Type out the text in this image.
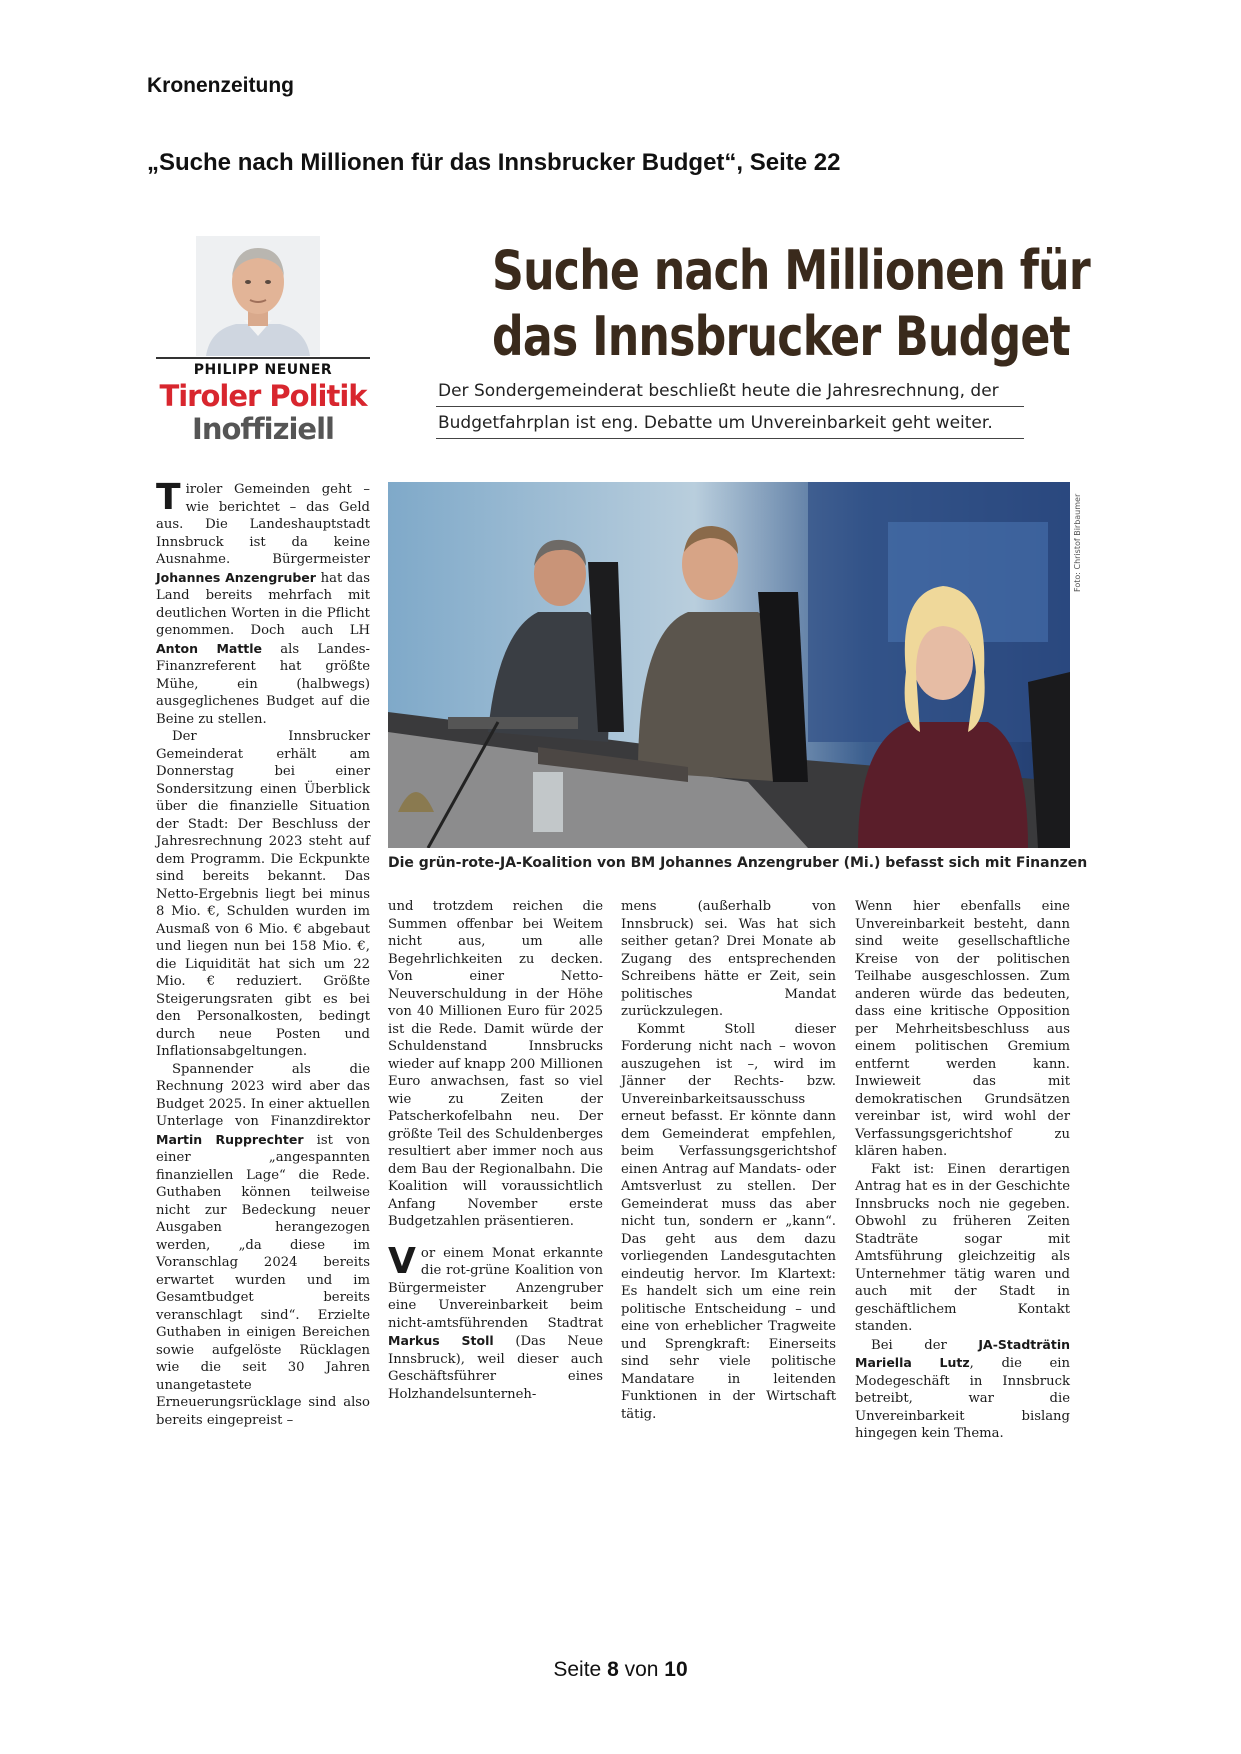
Kronenzeitung
„Suche nach Millionen für das Innsbrucker Budget“, Seite 22
PHILIPP NEUNER
Tiroler Politik
Inoffiziell
Suche nach Millionen für
das Innsbrucker Budget
Der Sondergemeinderat beschließt heute die Jahresrechnung, der
Budgetfahrplan ist eng. Debatte um Unvereinbarkeit geht weiter.
Foto: Christof Birbaumer
Die grün-rote-JA-Koalition von BM Johannes Anzengruber (Mi.) befasst sich mit Finanzen

Tiroler Gemeinden geht – wie berichtet – das Geld aus. Die Landeshauptstadt Innsbruck ist da keine Ausnahme. Bürgermeister Johannes Anzengruber hat das Land bereits mehrfach mit deutlichen Worten in die Pflicht genommen. Doch auch LH Anton Mattle als Landes-Finanzreferent hat größte Mühe, ein (halbwegs) ausgeglichenes Budget auf die Beine zu stellen.

Der Innsbrucker Gemeinderat erhält am Donnerstag bei einer Sondersitzung einen Überblick über die finanzielle Situation der Stadt: Der Beschluss der Jahresrechnung 2023 steht auf dem Programm. Die Eckpunkte sind bereits bekannt. Das Netto-Ergebnis liegt bei minus 8 Mio. €, Schulden wurden im Ausmaß von 6 Mio. € abgebaut und liegen nun bei 158 Mio. €, die Liquidität hat sich um 22 Mio. € reduziert. Größte Steigerungsraten gibt es bei den Personalkosten, bedingt durch neue Posten und Inflationsabgeltungen.

Spannender als die Rechnung 2023 wird aber das Budget 2025. In einer aktuellen Unterlage von Finanzdirektor Martin Rupprechter ist von einer „angespannten finanziellen Lage“ die Rede. Guthaben können teilweise nicht zur Bedeckung neuer Ausgaben herangezogen werden, „da diese im Voranschlag 2024 bereits erwartet wurden und im Gesamtbudget bereits veranschlagt sind“. Erzielte Guthaben in einigen Bereichen sowie aufgelöste Rücklagen wie die seit 30 Jahren unangetastete Erneuerungsrücklage sind also bereits eingepreist –

und trotzdem reichen die Summen offenbar bei Weitem nicht aus, um alle Begehrlichkeiten zu decken. Von einer Netto-Neuverschuldung in der Höhe von 40 Millionen Euro für 2025 ist die Rede. Damit würde der Schuldenstand Innsbrucks wieder auf knapp 200 Millionen Euro anwachsen, fast so viel wie zu Zeiten der Patscherkofelbahn neu. Der größte Teil des Schuldenberges resultiert aber immer noch aus dem Bau der Regionalbahn. Die Koalition will voraussichtlich Anfang November erste Budgetzahlen präsentieren.

Vor einem Monat erkannte die rot-grüne Koalition von Bürgermeister Anzengruber eine Unvereinbarkeit beim nicht-amtsführenden Stadtrat Markus Stoll (Das Neue Innsbruck), weil dieser auch Geschäftsführer eines Holzhandelsunterneh-

mens (außerhalb von Innsbruck) sei. Was hat sich seither getan? Drei Monate ab Zugang des entsprechenden Schreibens hätte er Zeit, sein politisches Mandat zurückzulegen.

Kommt Stoll dieser Forderung nicht nach – wovon auszugehen ist –, wird im Jänner der Rechts- bzw. Unvereinbarkeitsausschuss erneut befasst. Er könnte dann dem Gemeinderat empfehlen, beim Verfassungsgerichtshof einen Antrag auf Mandats- oder Amtsverlust zu stellen. Der Gemeinderat muss das aber nicht tun, sondern er „kann“. Das geht aus dem dazu vorliegenden Landesgutachten eindeutig hervor. Im Klartext: Es handelt sich um eine rein politische Entscheidung – und eine von erheblicher Tragweite und Sprengkraft: Einerseits sind sehr viele politische Mandatare in leitenden Funktionen in der Wirtschaft tätig.

Wenn hier ebenfalls eine Unvereinbarkeit besteht, dann sind weite gesellschaftliche Kreise von der politischen Teilhabe ausgeschlossen. Zum anderen würde das bedeuten, dass eine kritische Opposition per Mehrheitsbeschluss aus einem politischen Gremium entfernt werden kann. Inwieweit das mit demokratischen Grundsätzen vereinbar ist, wird wohl der Verfassungsgerichtshof zu klären haben.

Fakt ist: Einen derartigen Antrag hat es in der Geschichte Innsbrucks noch nie gegeben. Obwohl zu früheren Zeiten Stadträte sogar mit Amtsführung gleichzeitig als Unternehmer tätig waren und auch mit der Stadt in geschäftlichem Kontakt standen.

Bei der JA-Stadträtin Mariella Lutz, die ein Modegeschäft in Innsbruck betreibt, war die Unvereinbarkeit bislang hingegen kein Thema.

Seite 8 von 10
